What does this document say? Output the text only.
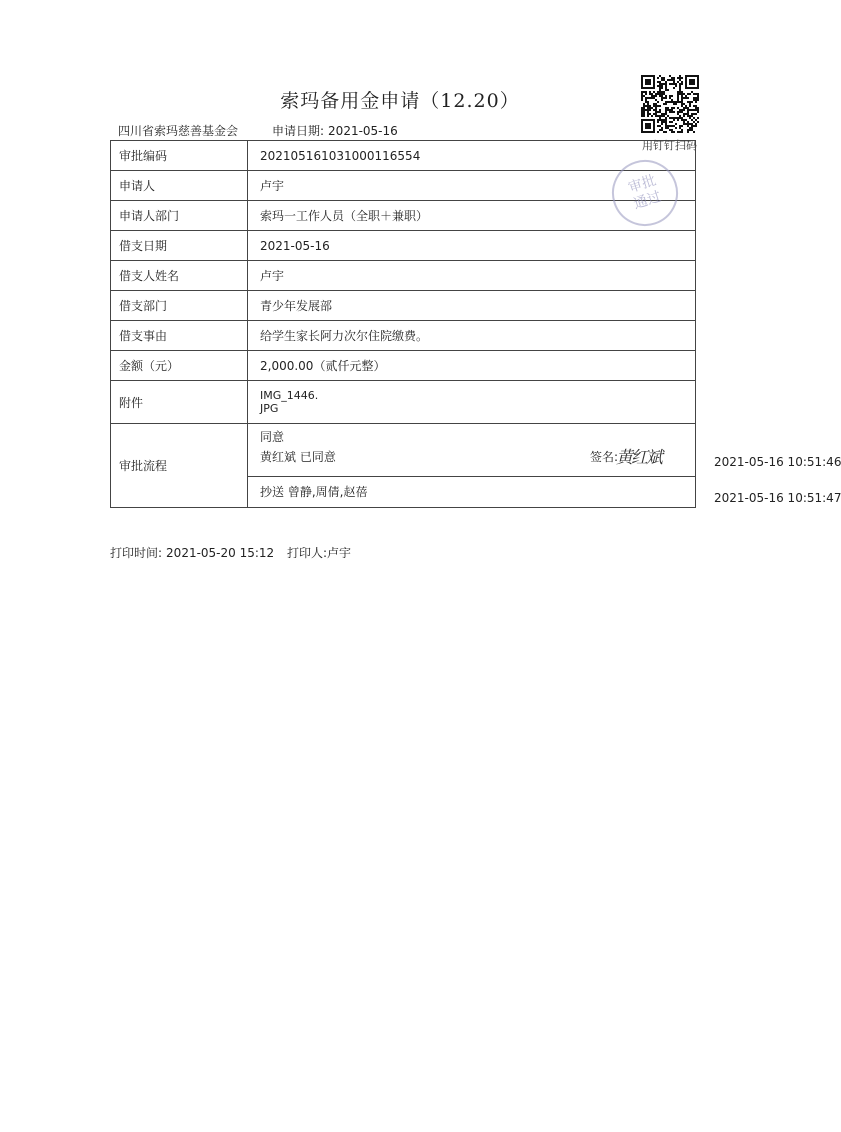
索玛备用金申请（12.20）
用钉钉扫码
四川省索玛慈善基金会	申请日期: 2021-05-16
审批编码	202105161031000116554
申请人	卢宇
申请人部门	索玛一工作人员（全职＋兼职）
借支日期	2021-05-16
借支人姓名	卢宇
借支部门	青少年发展部
借支事由	给学生家长阿力次尔住院缴费。
金额（元）	2,000.00（贰仟元整）
附件	IMG_1446.
JPG

审批流程	同意
黄红斌 已同意 签名:
黄红斌 2021-05-16 10:51:46

	抄送 曾静,周倩,赵蓓 2021-05-16 10:51:47
审批
通过
打印时间: 2021-05-20 15:12 打印人:卢宇
